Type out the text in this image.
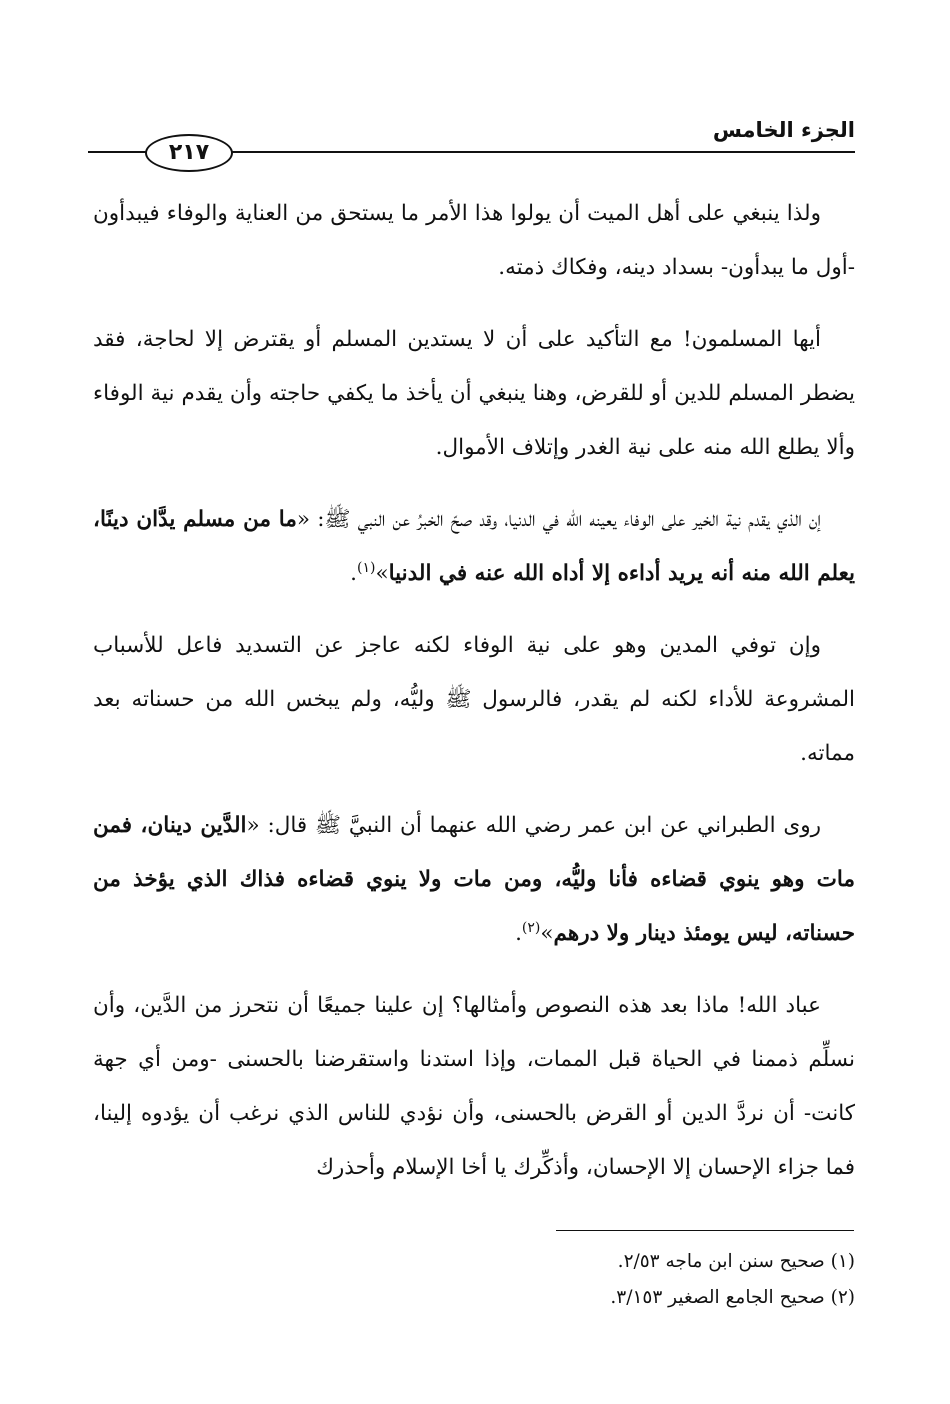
الجزء الخامس
٢١٧

ولذا ينبغي على أهل الميت أن يولوا هذا الأمر ما يستحق من العناية والوفاء فيبدأون -أول ما يبدأون- بسداد دينه، وفكاك ذمته.

أيها المسلمون! مع التأكيد على أن لا يستدين المسلم أو يقترض إلا لحاجة، فقد يضطر المسلم للدين أو للقرض، وهنا ينبغي أن يأخذ ما يكفي حاجته وأن يقدم نية الوفاء وألا يطلع الله منه على نية الغدر وإتلاف الأموال.

إن الذي يقدم نية الخير على الوفاء يعينه الله في الدنيا، وقد صحّ الخبرُ عن النبي ﷺ: «ما من مسلم يدَّان دينًا، يعلم الله منه أنه يريد أداءه إلا أداه الله عنه في الدنيا»$^{(١)}$.

وإن توفي المدين وهو على نية الوفاء لكنه عاجز عن التسديد فاعل للأسباب المشروعة للأداء لكنه لم يقدر، فالرسول ﷺ وليُّه، ولم يبخس الله من حسناته بعد مماته.

روى الطبراني عن ابن عمر رضي الله عنهما أن النبيَّ ﷺ قال: «الدَّين دينان، فمن مات وهو ينوي قضاءه فأنا وليُّه، ومن مات ولا ينوي قضاءه فذاك الذي يؤخذ من حسناته، ليس يومئذ دينار ولا درهم»$^{(٢)}$.

عباد الله! ماذا بعد هذه النصوص وأمثالها؟ إن علينا جميعًا أن نتحرز من الدَّين، وأن نسلِّم ذممنا في الحياة قبل الممات، وإذا استدنا واستقرضنا بالحسنى -ومن أي جهة كانت- أن نردَّ الدين أو القرض بالحسنى، وأن نؤدي للناس الذي نرغب أن يؤدوه إلينا، فما جزاء الإحسان إلا الإحسان، وأذكِّرك يا أخا الإسلام وأحذرك

(١) صحيح سنن ابن ماجه ٢/٥٣.

(٢) صحيح الجامع الصغير ٣/١٥٣.
